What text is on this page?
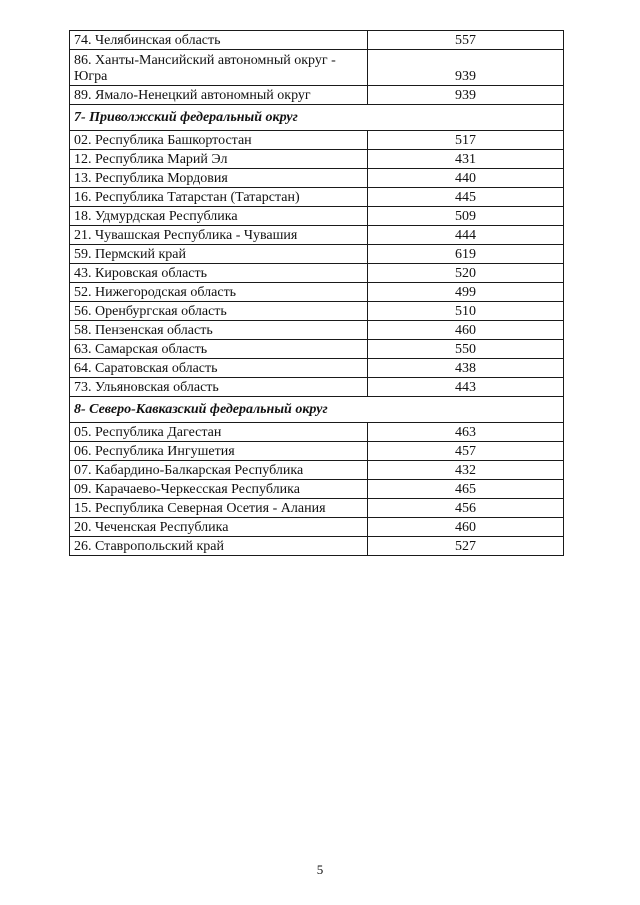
74. Челябинская область	557
86. Ханты-Мансийский автономный округ - Югра	939
89. Ямало-Ненецкий автономный округ	939
7- Приволжский федеральный округ	
02. Республика Башкортостан	517
12. Республика Марий Эл	431
13. Республика Мордовия	440
16. Республика Татарстан (Татарстан)	445
18. Удмурдская Республика	509
21. Чувашская Республика - Чувашия	444
59. Пермский край	619
43. Кировская область	520
52. Нижегородская область	499
56. Оренбургская область	510
58. Пензенская область	460
63. Самарская область	550
64. Саратовская область	438
73. Ульяновская область	443
8- Северо-Кавказский федеральный округ	
05. Республика Дагестан	463
06. Республика Ингушетия	457
07. Кабардино-Балкарская Республика	432
09. Карачаево-Черкесская Республика	465
15. Республика Северная Осетия - Алания	456
20. Чеченская Республика	460
26. Ставропольский край	527
5
